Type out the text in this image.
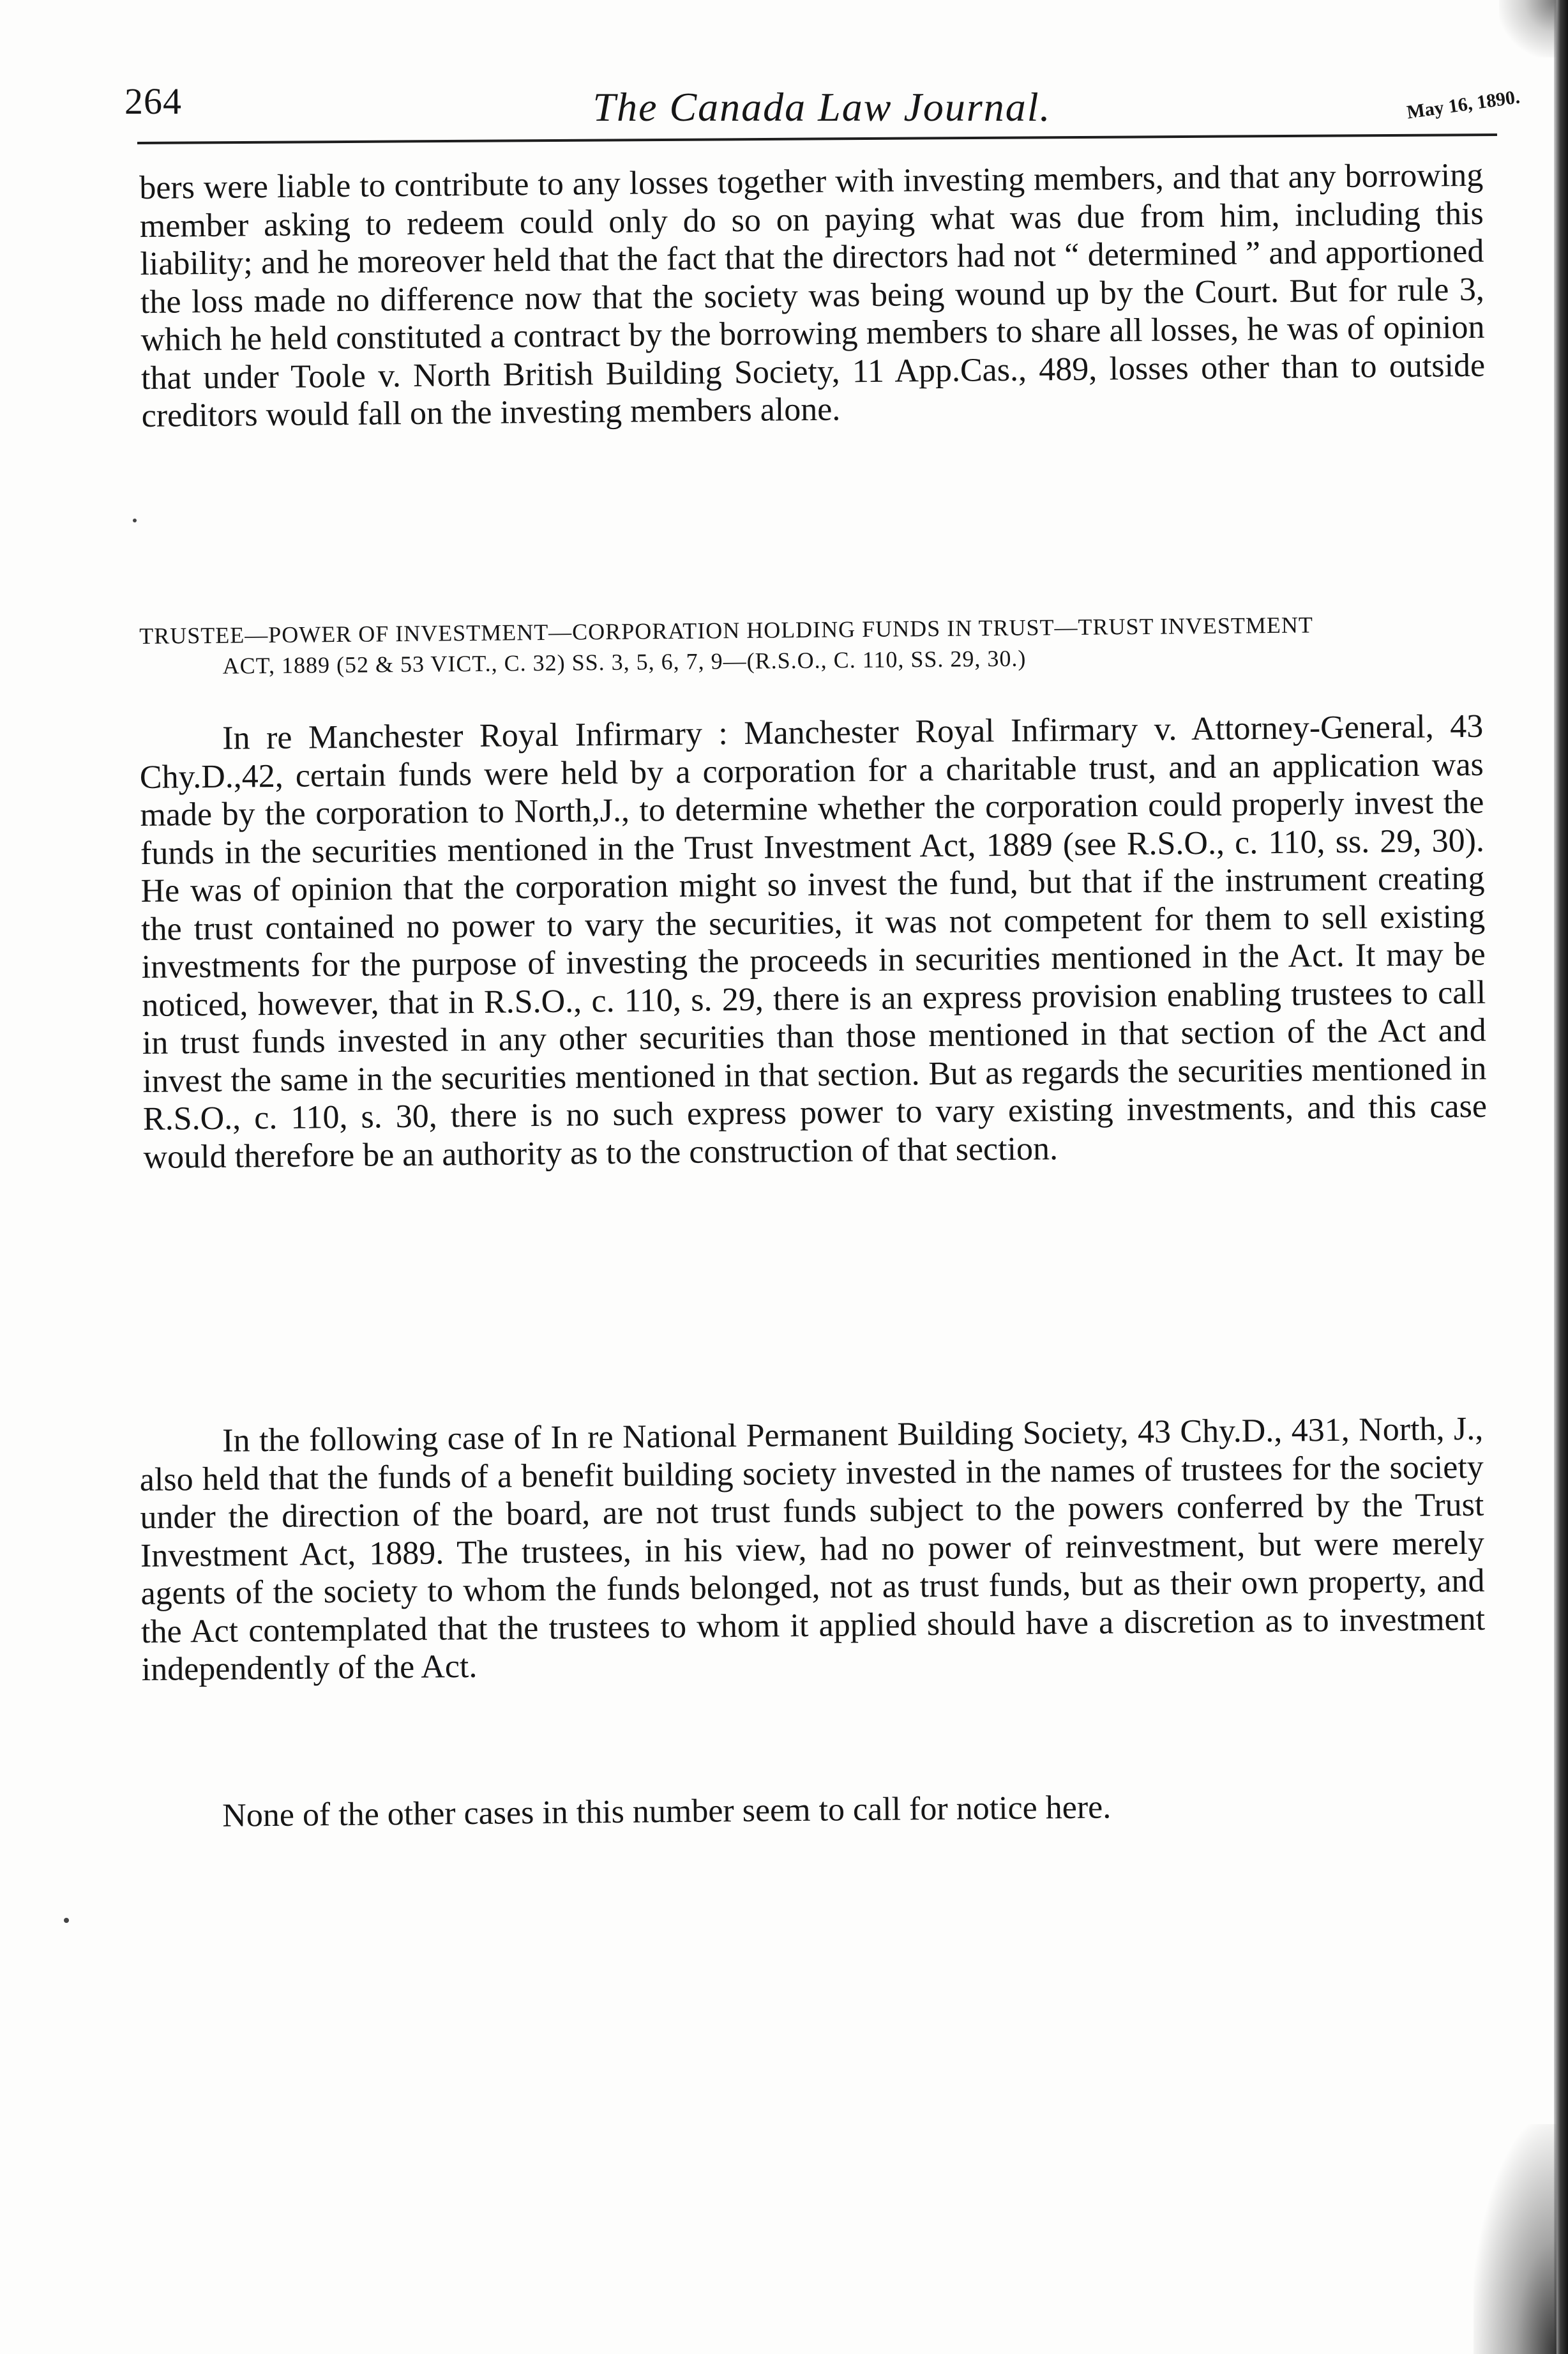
264	The Canada Law Journal.	May 16, 1890.

bers were liable to contribute to any losses together with investing members, and that any borrowing member asking to redeem could only do so on paying what was due from him, including this liability; and he moreover held that the fact that the directors had not “ determined ” and apportioned the loss made no difference now that the society was being wound up by the Court. But for rule 3, which he held constituted a contract by the borrowing members to share all losses, he was of opinion that under Toole v. North British Building Society, 11 App.Cas., 489, losses other than to outside creditors would fall on the investing members alone.

TRUSTEE—POWER OF INVESTMENT—CORPORATION HOLDING FUNDS IN TRUST—TRUST INVESTMENT
ACT, 1889 (52 & 53 VICT., C. 32) SS. 3, 5, 6, 7, 9—(R.S.O., C. 110, SS. 29, 30.)

In re Manchester Royal Infirmary : Manchester Royal Infirmary v. Attorney-General, 43 Chy.D.,42, certain funds were held by a corporation for a charitable trust, and an application was made by the corporation to North,J., to determine whether the corporation could properly invest the funds in the securities mentioned in the Trust Investment Act, 1889 (see R.S.O., c. 110, ss. 29, 30). He was of opinion that the corporation might so invest the fund, but that if the instrument creating the trust contained no power to vary the securities, it was not competent for them to sell existing investments for the purpose of investing the proceeds in securities mentioned in the Act. It may be noticed, however, that in R.S.O., c. 110, s. 29, there is an express provision enabling trustees to call in trust funds invested in any other securities than those mentioned in that section of the Act and invest the same in the securities mentioned in that section. But as regards the securities mentioned in R.S.O., c. 110, s. 30, there is no such express power to vary existing investments, and this case would therefore be an authority as to the construction of that section.

In the following case of In re National Permanent Building Society, 43 Chy.D., 431, North, J., also held that the funds of a benefit building society invested in the names of trustees for the society under the direction of the board, are not trust funds subject to the powers conferred by the Trust Investment Act, 1889. The trustees, in his view, had no power of reinvestment, but were merely agents of the society to whom the funds belonged, not as trust funds, but as their own property, and the Act contemplated that the trustees to whom it applied should have a discretion as to investment independently of the Act.

None of the other cases in this number seem to call for notice here.
